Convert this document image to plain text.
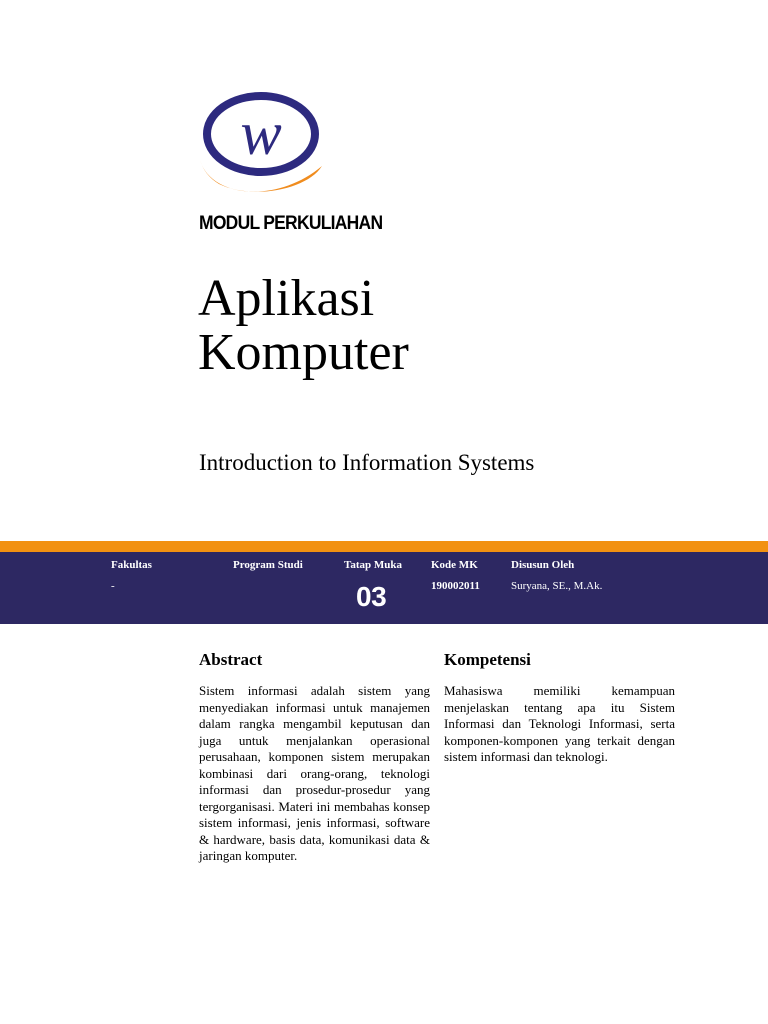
w
MODUL PERKULIAHAN
Aplikasi
Komputer
Introduction to Information Systems
Fakultas
-
Program Studi	Tatap Muka
03
Kode MK
190002011
Disusun Oleh
Suryana, SE., M.Ak.
Abstract

Sistem informasi adalah sistem yang menyediakan informasi untuk manajemen dalam rangka mengambil keputusan dan juga untuk menjalankan operasional perusahaan, komponen sistem merupakan kombinasi dari orang-orang, teknologi informasi dan prosedur-prosedur yang tergorganisasi. Materi ini membahas konsep sistem informasi, jenis informasi, software & hardware, basis data, komunikasi data & jaringan komputer.

Kompetensi

Mahasiswa memiliki kemampuan menjelaskan tentang apa itu Sistem Informasi dan Teknologi Informasi, serta komponen-komponen yang terkait dengan sistem informasi dan teknologi.
